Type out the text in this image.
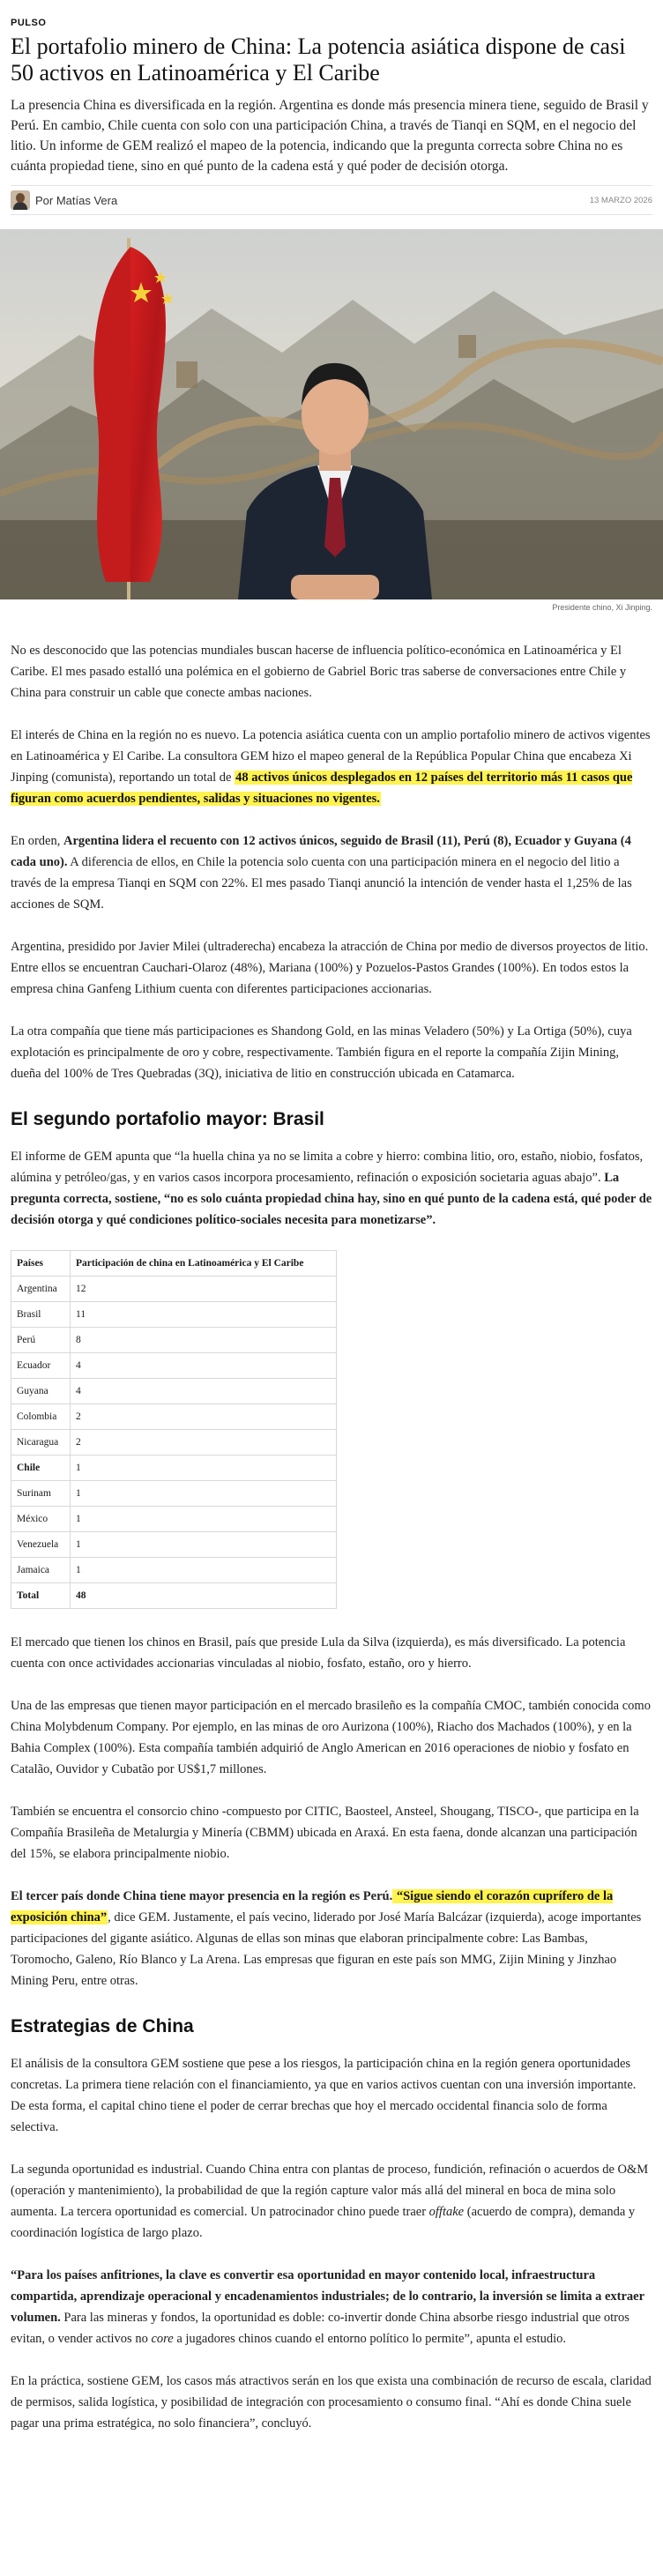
PULSO
El portafolio minero de China: La potencia asiática dispone de casi 50 activos en Latinoamérica y El Caribe

La presencia China es diversificada en la región. Argentina es donde más presencia minera tiene, seguido de Brasil y Perú. En cambio, Chile cuenta con solo con una participación China, a través de Tianqi en SQM, en el negocio del litio. Un informe de GEM realizó el mapeo de la potencia, indicando que la pregunta correcta sobre China no es cuánta propiedad tiene, sino en qué punto de la cadena está y qué poder de decisión otorga.

Por Matías Vera	13 MARZO 2026
Presidente chino, Xi Jinping.

No es desconocido que las potencias mundiales buscan hacerse de influencia político-económica en Latinoamérica y El Caribe. El mes pasado estalló una polémica en el gobierno de Gabriel Boric tras saberse de conversaciones entre Chile y China para construir un cable que conecte ambas naciones.

El interés de China en la región no es nuevo. La potencia asiática cuenta con un amplio portafolio minero de activos vigentes en Latinoamérica y El Caribe. La consultora GEM hizo el mapeo general de la República Popular China que encabeza Xi Jinping (comunista), reportando un total de 48 activos únicos desplegados en 12 países del territorio más 11 casos que figuran como acuerdos pendientes, salidas y situaciones no vigentes.

En orden, Argentina lidera el recuento con 12 activos únicos, seguido de Brasil (11), Perú (8), Ecuador y Guyana (4 cada uno). A diferencia de ellos, en Chile la potencia solo cuenta con una participación minera en el negocio del litio a través de la empresa Tianqi en SQM con 22%. El mes pasado Tianqi anunció la intención de vender hasta el 1,25% de las acciones de SQM.

Argentina, presidido por Javier Milei (ultraderecha) encabeza la atracción de China por medio de diversos proyectos de litio. Entre ellos se encuentran Cauchari-Olaroz (48%), Mariana (100%) y Pozuelos-Pastos Grandes (100%). En todos estos la empresa china Ganfeng Lithium cuenta con diferentes participaciones accionarias.

La otra compañía que tiene más participaciones es Shandong Gold, en las minas Veladero (50%) y La Ortiga (50%), cuya explotación es principalmente de oro y cobre, respectivamente. También figura en el reporte la compañía Zijin Mining, dueña del 100% de Tres Quebradas (3Q), iniciativa de litio en construcción ubicada en Catamarca.

El segundo portafolio mayor: Brasil

El informe de GEM apunta que “la huella china ya no se limita a cobre y hierro: combina litio, oro, estaño, niobio, fosfatos, alúmina y petróleo/gas, y en varios casos incorpora procesamiento, refinación o exposición societaria aguas abajo”. La pregunta correcta, sostiene, “no es solo cuánta propiedad china hay, sino en qué punto de la cadena está, qué poder de decisión otorga y qué condiciones político-sociales necesita para monetizarse”.

Países	Participación de china en Latinoamérica y El Caribe
Argentina	12
Brasil	11
Perú	8
Ecuador	4
Guyana	4
Colombia	2
Nicaragua	2
Chile	1
Surinam	1
México	1
Venezuela	1
Jamaica	1
Total	48

El mercado que tienen los chinos en Brasil, país que preside Lula da Silva (izquierda), es más diversificado. La potencia cuenta con once actividades accionarias vinculadas al niobio, fosfato, estaño, oro y hierro.

Una de las empresas que tienen mayor participación en el mercado brasileño es la compañía CMOC, también conocida como China Molybdenum Company. Por ejemplo, en las minas de oro Aurizona (100%), Riacho dos Machados (100%), y en la Bahia Complex (100%). Esta compañía también adquirió de Anglo American en 2016 operaciones de niobio y fosfato en Catalão, Ouvidor y Cubatão por US$1,7 millones.

También se encuentra el consorcio chino -compuesto por CITIC, Baosteel, Ansteel, Shougang, TISCO-, que participa en la Compañía Brasileña de Metalurgia y Minería (CBMM) ubicada en Araxá. En esta faena, donde alcanzan una participación del 15%, se elabora principalmente niobio.

El tercer país donde China tiene mayor presencia en la región es Perú. “Sigue siendo el corazón cuprífero de la exposición china”, dice GEM. Justamente, el país vecino, liderado por José María Balcázar (izquierda), acoge importantes participaciones del gigante asiático. Algunas de ellas son minas que elaboran principalmente cobre: Las Bambas, Toromocho, Galeno, Río Blanco y La Arena. Las empresas que figuran en este país son MMG, Zijin Mining y Jinzhao Mining Peru, entre otras.

Estrategias de China

El análisis de la consultora GEM sostiene que pese a los riesgos, la participación china en la región genera oportunidades concretas. La primera tiene relación con el financiamiento, ya que en varios activos cuentan con una inversión importante. De esta forma, el capital chino tiene el poder de cerrar brechas que hoy el mercado occidental financia solo de forma selectiva.

La segunda oportunidad es industrial. Cuando China entra con plantas de proceso, fundición, refinación o acuerdos de O&M (operación y mantenimiento), la probabilidad de que la región capture valor más allá del mineral en boca de mina solo aumenta. La tercera oportunidad es comercial. Un patrocinador chino puede traer offtake (acuerdo de compra), demanda y coordinación logística de largo plazo.

“Para los países anfitriones, la clave es convertir esa oportunidad en mayor contenido local, infraestructura compartida, aprendizaje operacional y encadenamientos industriales; de lo contrario, la inversión se limita a extraer volumen. Para las mineras y fondos, la oportunidad es doble: co-invertir donde China absorbe riesgo industrial que otros evitan, o vender activos no core a jugadores chinos cuando el entorno político lo permite”, apunta el estudio.

En la práctica, sostiene GEM, los casos más atractivos serán en los que exista una combinación de recurso de escala, claridad de permisos, salida logística, y posibilidad de integración con procesamiento o consumo final. “Ahí es donde China suele pagar una prima estratégica, no solo financiera”, concluyó.
